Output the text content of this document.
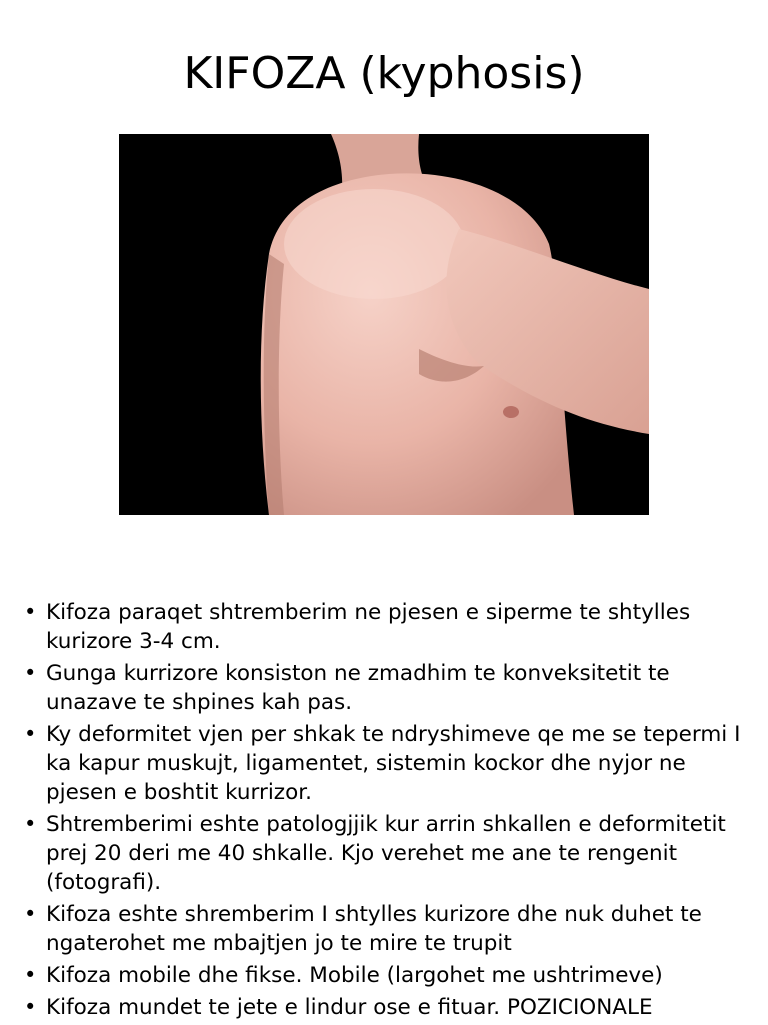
KIFOZA (kyphosis)
• Kifoza paraqet shtremberim ne pjesen e siperme te shtylles kurizore 3-4 cm.
• Gunga kurrizore konsiston ne zmadhim te konveksitetit te unazave te shpines kah pas.
• Ky deformitet vjen per shkak te ndryshimeve qe me se tepermi I ka kapur muskujt, ligamentet, sistemin kockor dhe nyjor ne pjesen e boshtit kurrizor.
• Shtremberimi eshte patologjjik kur arrin shkallen e deformitetit prej 20 deri me 40 shkalle. Kjo verehet me ane te rengenit (fotografi).
• Kifoza eshte shremberim I shtylles kurizore dhe nuk duhet te ngaterohet me mbajtjen jo te mire te trupit
• Kifoza mobile dhe fikse. Mobile (largohet me ushtrimeve)
• Kifoza mundet te jete e lindur ose e fituar. POZICIONALE
